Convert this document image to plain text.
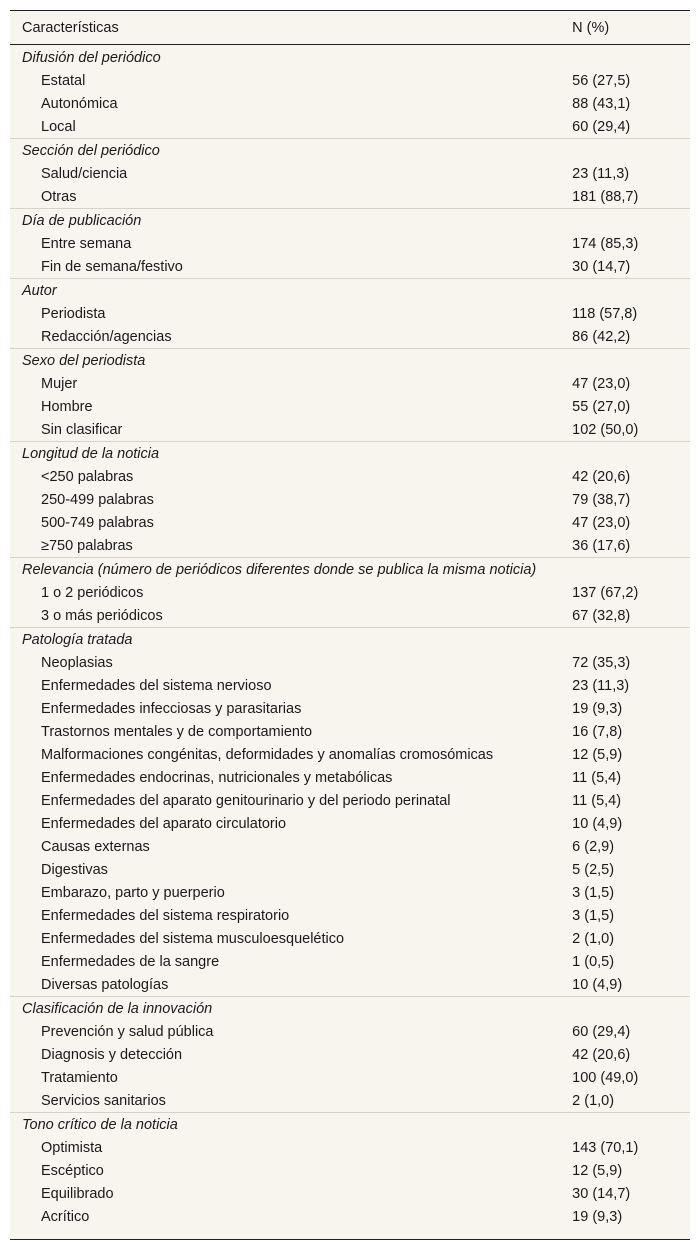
Características	N (%)
Difusión del periódico
Estatal	56 (27,5)
Autonómica	88 (43,1)
Local	60 (29,4)
Sección del periódico
Salud/ciencia	23 (11,3)
Otras	181 (88,7)
Día de publicación
Entre semana	174 (85,3)
Fin de semana/festivo	30 (14,7)
Autor
Periodista	118 (57,8)
Redacción/agencias	86 (42,2)
Sexo del periodista
Mujer	47 (23,0)
Hombre	55 (27,0)
Sin clasificar	102 (50,0)
Longitud de la noticia
<250 palabras	42 (20,6)
250-499 palabras	79 (38,7)
500-749 palabras	47 (23,0)
≥750 palabras	36 (17,6)
Relevancia (número de periódicos diferentes donde se publica la misma noticia)
1 o 2 periódicos	137 (67,2)
3 o más periódicos	67 (32,8)
Patología tratada
Neoplasias	72 (35,3)
Enfermedades del sistema nervioso	23 (11,3)
Enfermedades infecciosas y parasitarias	19 (9,3)
Trastornos mentales y de comportamiento	16 (7,8)
Malformaciones congénitas, deformidades y anomalías cromosómicas	12 (5,9)
Enfermedades endocrinas, nutricionales y metabólicas	11 (5,4)
Enfermedades del aparato genitourinario y del periodo perinatal	11 (5,4)
Enfermedades del aparato circulatorio	10 (4,9)
Causas externas	6 (2,9)
Digestivas	5 (2,5)
Embarazo, parto y puerperio	3 (1,5)
Enfermedades del sistema respiratorio	3 (1,5)
Enfermedades del sistema musculoesquelético	2 (1,0)
Enfermedades de la sangre	1 (0,5)
Diversas patologías	10 (4,9)
Clasificación de la innovación
Prevención y salud pública	60 (29,4)
Diagnosis y detección	42 (20,6)
Tratamiento	100 (49,0)
Servicios sanitarios	2 (1,0)
Tono crítico de la noticia
Optimista	143 (70,1)
Escéptico	12 (5,9)
Equilibrado	30 (14,7)
Acrítico	19 (9,3)
